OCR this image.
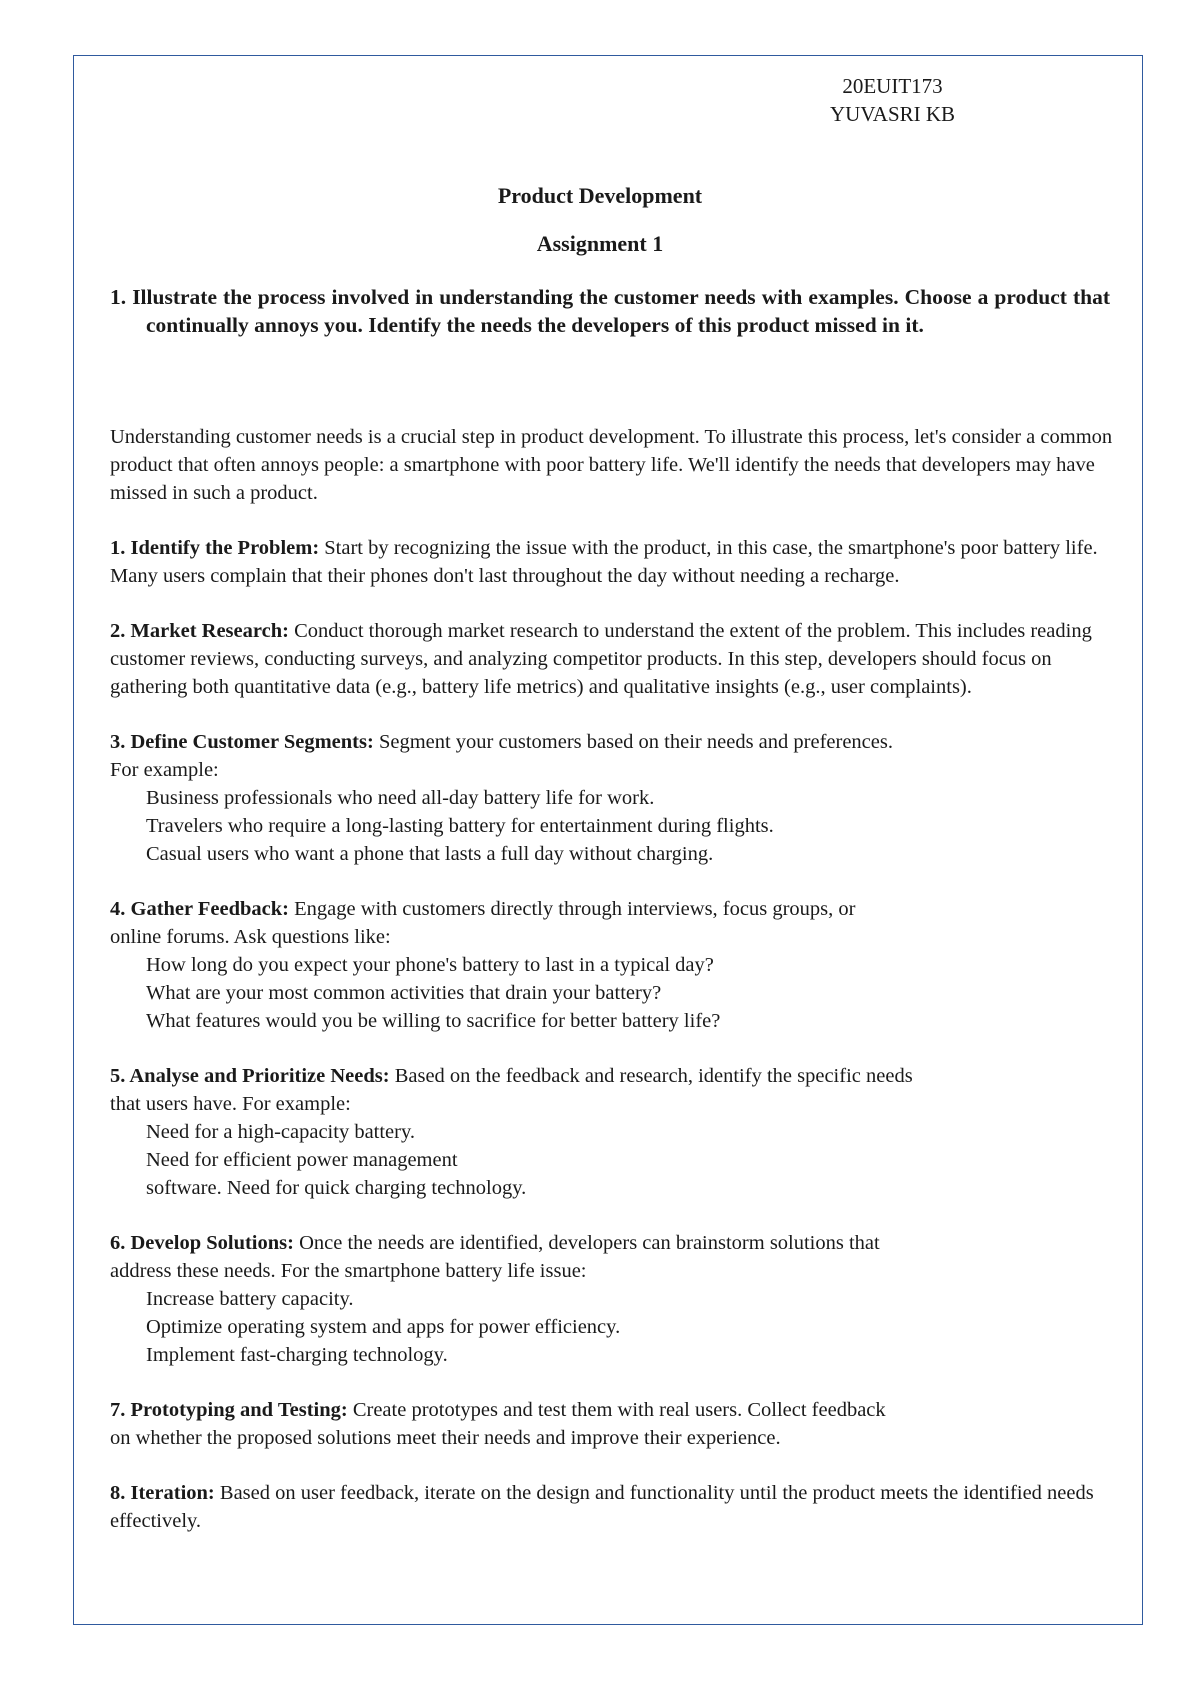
20EUIT173
YUVASRI KB
Product Development
Assignment 1
1. Illustrate the process involved in understanding the customer needs with examples. Choose a product that continually annoys you. Identify the needs the developers of this product missed in it.

Understanding customer needs is a crucial step in product development. To illustrate this process, let's consider a common product that often annoys people: a smartphone with poor battery life. We'll identify the needs that developers may have missed in such a product.

1. Identify the Problem: Start by recognizing the issue with the product, in this case, the smartphone's poor battery life. Many users complain that their phones don't last throughout the day without needing a recharge.

2. Market Research: Conduct thorough market research to understand the extent of the problem. This includes reading customer reviews, conducting surveys, and analyzing competitor products. In this step, developers should focus on gathering both quantitative data (e.g., battery life metrics) and qualitative insights (e.g., user complaints).

3. Define Customer Segments: Segment your customers based on their needs and preferences.
For example:
Business professionals who need all-day battery life for work.
Travelers who require a long-lasting battery for entertainment during flights.
Casual users who want a phone that lasts a full day without charging.
4. Gather Feedback: Engage with customers directly through interviews, focus groups, or
online forums. Ask questions like:
How long do you expect your phone's battery to last in a typical day?
What are your most common activities that drain your battery?
What features would you be willing to sacrifice for better battery life?
5. Analyse and Prioritize Needs: Based on the feedback and research, identify the specific needs
that users have. For example:
Need for a high-capacity battery.
Need for efficient power management
software. Need for quick charging technology.
6. Develop Solutions: Once the needs are identified, developers can brainstorm solutions that
address these needs. For the smartphone battery life issue:
Increase battery capacity.
Optimize operating system and apps for power efficiency.
Implement fast-charging technology.
7. Prototyping and Testing: Create prototypes and test them with real users. Collect feedback
on whether the proposed solutions meet their needs and improve their experience.

8. Iteration: Based on user feedback, iterate on the design and functionality until the product meets the identified needs effectively.
